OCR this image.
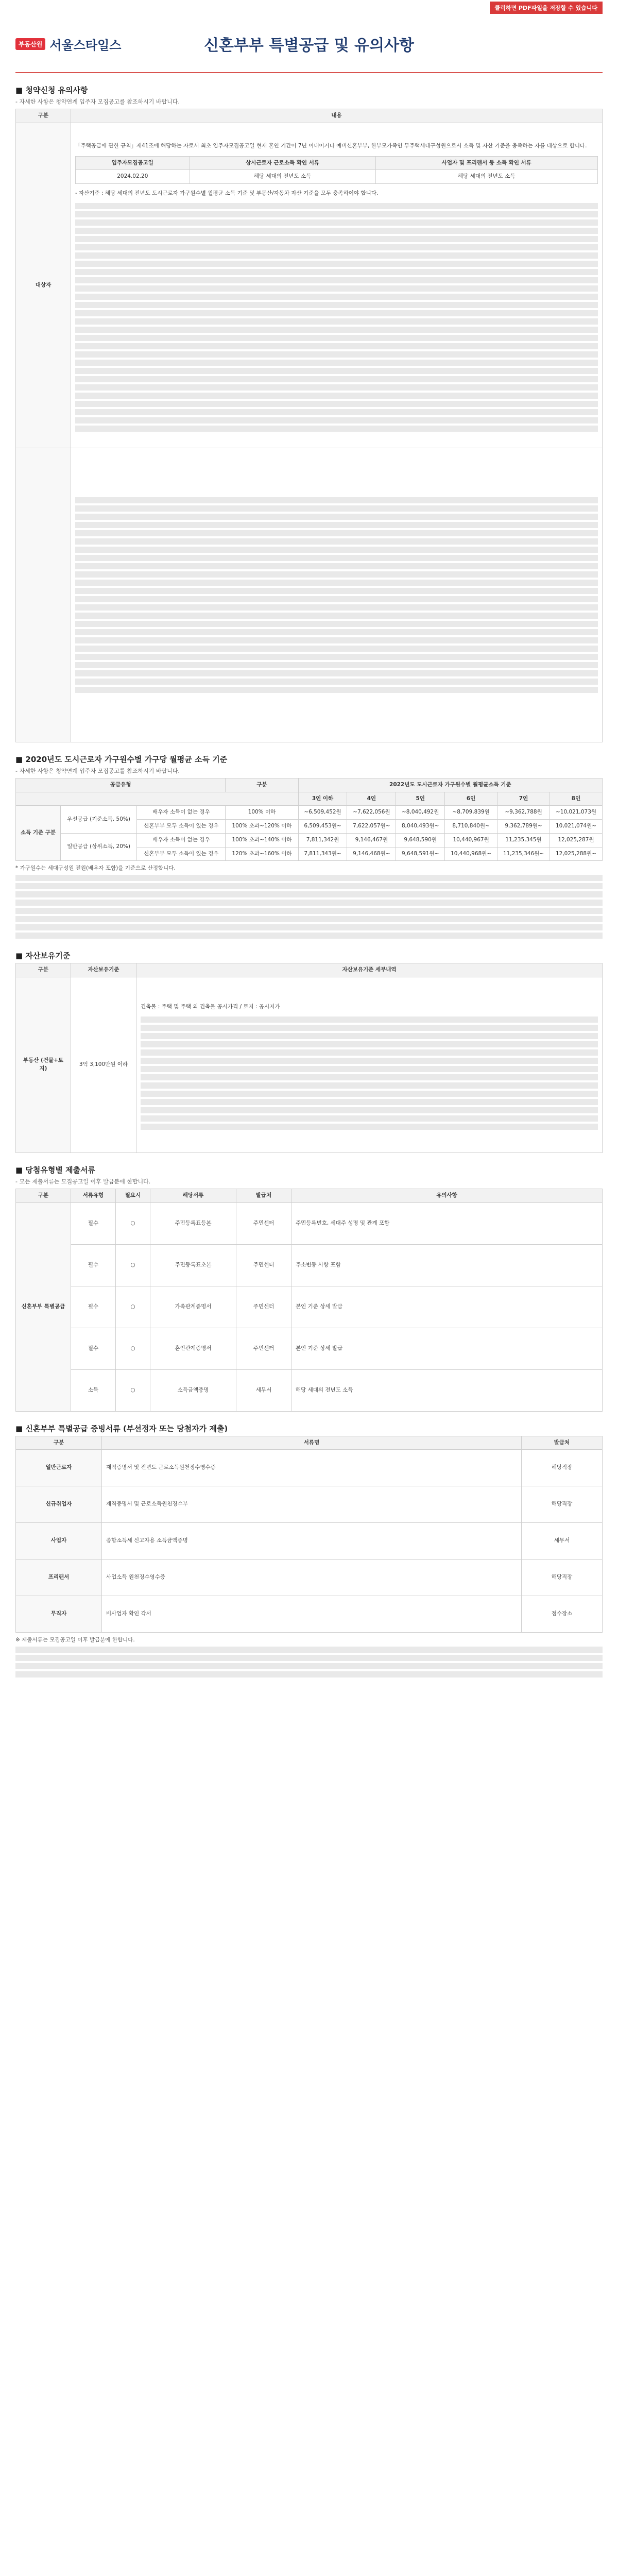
클릭하면 PDF파일을 저장할 수 있습니다
부동산원 서울스타일스	신혼부부 특별공급 및 유의사항
■ 청약신청 유의사항
- 자세한 사항은 청약연계 입주자 모집공고를 참조하시기 바랍니다.
구분	내용
대상자	

「주택공급에 관한 규칙」제41조에 해당하는 자로서 최초 입주자모집공고일 현재 혼인 기간이 7년 이내이거나 예비신혼부부, 한부모가족인 무주택세대구성원으로서 소득 및 자산 기준을 충족하는 자를 대상으로 합니다.

입주자모집공고일	상시근로자 근로소득 확인 서류	사업자 및 프리랜서 등 소득 확인 서류
2024.02.20	해당 세대의 전년도 소득	해당 세대의 전년도 소득

- 자산기준 : 해당 세대의 전년도 도시근로자 가구원수별 월평균 소득 기준 및 부동산/자동차 자산 기준을 모두 충족하여야 합니다.

■ 2020년도 도시근로자 가구원수별 가구당 월평균 소득 기준
- 자세한 사항은 청약연계 입주자 모집공고를 참조하시기 바랍니다.
공급유형			구분	2022년도 도시근로자 가구원수별 월평균소득 기준					
				3인 이하	4인	5인	6인	7인	8인
소득 기준 구분	우선공급 (기준소득, 50%)	배우자 소득이 없는 경우	100% 이하	~6,509,452원	~7,622,056원	~8,040,492원	~8,709,839원	~9,362,788원	~10,021,073원
		신혼부부 모두 소득이 있는 경우	100% 초과~120% 이하	6,509,453원~	7,622,057원~	8,040,493원~	8,710,840원~	9,362,789원~	10,021,074원~
	일반공급 (상위소득, 20%)	배우자 소득이 없는 경우	100% 초과~140% 이하	7,811,342원	9,146,467원	9,648,590원	10,440,967원	11,235,345원	12,025,287원
		신혼부부 모두 소득이 있는 경우	120% 초과~160% 이하	7,811,343원~	9,146,468원~	9,648,591원~	10,440,968원~	11,235,346원~	12,025,288원~

* 가구원수는 세대구성원 전원(배우자 포함)을 기준으로 산정합니다.

■ 자산보유기준
구분	자산보유기준	자산보유기준 세부내역
부동산 (건물+토지)	3억 3,100만원 이하	건축물 : 주택 및 주택 외 건축물 공시가격 / 토지 : 공시지가

■ 당첨유형별 제출서류
- 모든 제출서류는 모집공고일 이후 발급분에 한합니다.
구분	서류유형	필요시	해당서류	발급처	유의사항
신혼부부 특별공급	필수	○	주민등록표등본	주민센터	주민등록번호, 세대주 성명 및 관계 포함
	필수	○	주민등록표초본	주민센터	주소변동 사항 포함
	필수	○	가족관계증명서	주민센터	본인 기준 상세 발급
	필수	○	혼인관계증명서	주민센터	본인 기준 상세 발급
	소득	○	소득금액증명	세무서	해당 세대의 전년도 소득
■ 신혼부부 특별공급 증빙서류 (부선정자 또는 당첨자가 제출)
구분	서류명	발급처
일반근로자	재직증명서 및 전년도 근로소득원천징수영수증	해당직장
신규취업자	재직증명서 및 근로소득원천징수부	해당직장
사업자	종합소득세 신고자용 소득금액증명	세무서
프리랜서	사업소득 원천징수영수증	해당직장
무직자	비사업자 확인 각서	접수장소

※ 제출서류는 모집공고일 이후 발급분에 한합니다.
